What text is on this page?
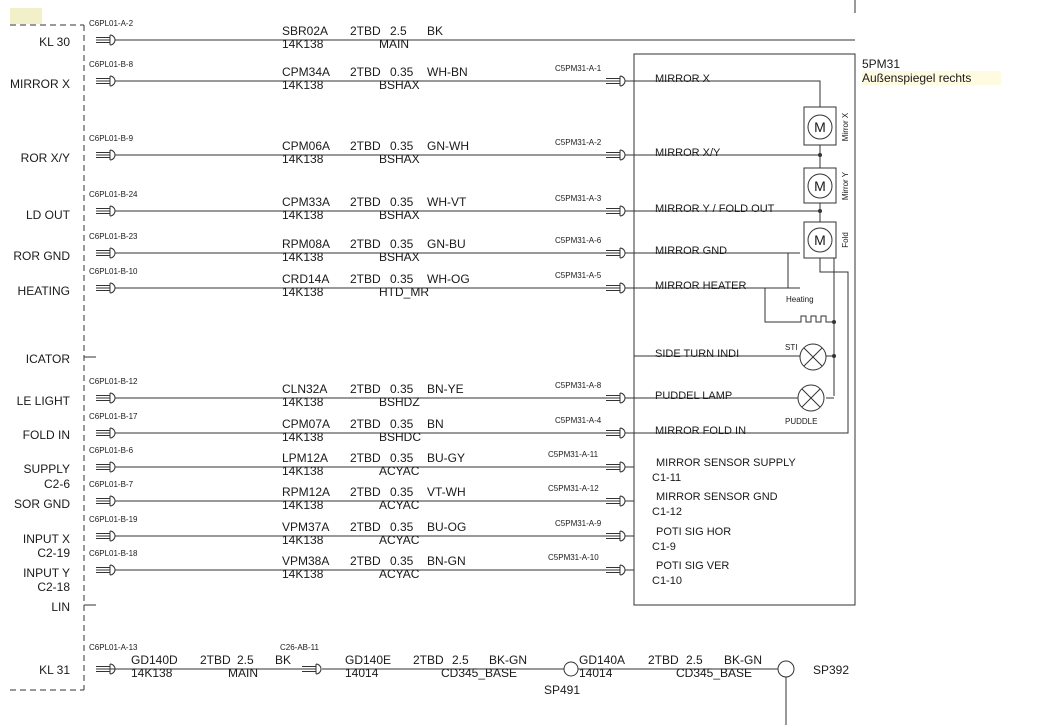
KL 30
MIRROR X
ROR X/Y
LD OUT
ROR GND
HEATING
ICATOR
LE LIGHT
FOLD IN
SUPPLY
C2-6
SOR GND
INPUT X
C2-19
INPUT Y
C2-18
LIN
KL 31
C6PL01-A-2
SBR02A
14K138
2TBD 2.5 BK
MAIN
C6PL01-B-8
CPM34A
14K138
2TBD 0.35 WH-BN
BSHAX
C5PM31-A-1
MIRROR X
C6PL01-B-9
CPM06A
14K138
2TBD 0.35 GN-WH
BSHAX
C5PM31-A-2
MIRROR X/Y
C6PL01-B-24
CPM33A
14K138
2TBD 0.35 WH-VT
BSHAX
C5PM31-A-3
MIRROR Y / FOLD OUT
C6PL01-B-23
RPM08A
14K138
2TBD 0.35 GN-BU
BSHAX
C5PM31-A-6
MIRROR GND
C6PL01-B-10
CRD14A
14K138
2TBD 0.35 WH-OG
HTD_MR
C5PM31-A-5
MIRROR HEATER
C6PL01-B-12
CLN32A
14K138
2TBD 0.35 BN-YE
BSHDZ
C5PM31-A-8
PUDDEL LAMP
C6PL01-B-17
CPM07A
14K138
2TBD 0.35 BN
BSHDC
C5PM31-A-4
MIRROR FOLD IN
C6PL01-B-6
LPM12A
14K138
2TBD 0.35 BU-GY
ACYAC
C5PM31-A-11
MIRROR SENSOR SUPPLY
C1-11
C6PL01-B-7
RPM12A
14K138
2TBD 0.35 VT-WH
ACYAC
C5PM31-A-12
MIRROR SENSOR GND
C1-12
C6PL01-B-19
VPM37A
14K138
2TBD 0.35 BU-OG
ACYAC
C5PM31-A-9
POTI SIG HOR
C1-9
C6PL01-B-18
VPM38A
14K138
2TBD 0.35 BN-GN
ACYAC
C5PM31-A-10
POTI SIG VER
C1-10
SIDE TURN INDI
M Mirror X
M Mirror Y
M Fold
Heating
STI
PUDDLE
C6PL01-A-13
GD140D
14K138
2TBD 2.5 BK
MAIN
C26-AB-11
GD140E
14014
2TBD 2.5 BK-GN
CD345_BASE
GD140A
14014
2TBD 2.5 BK-GN
CD345_BASE
SP491
SP392
5PM31
Außenspiegel rechts
